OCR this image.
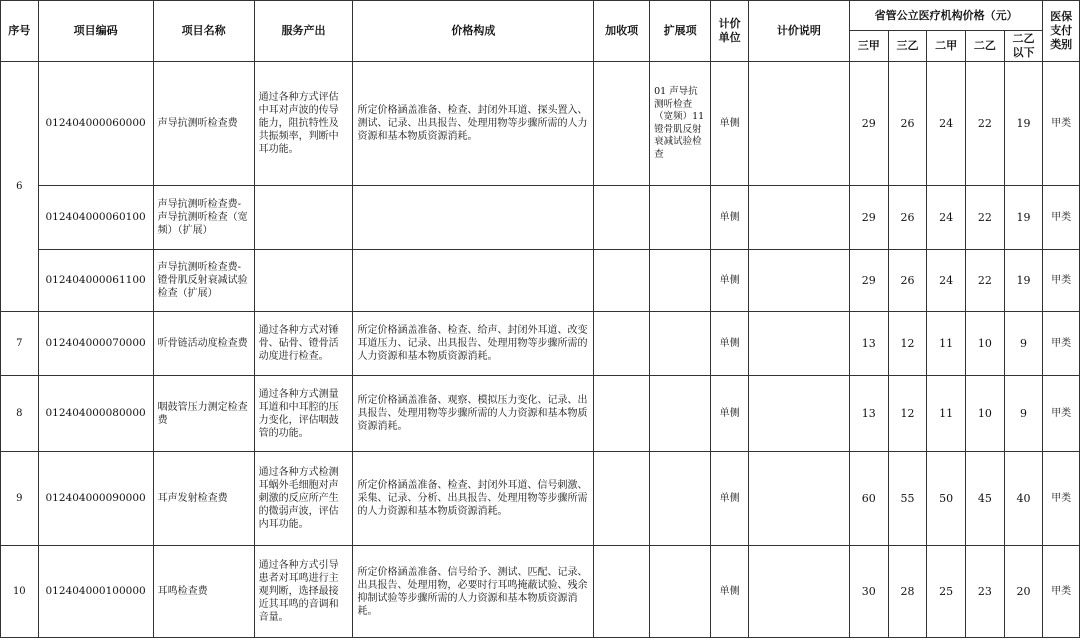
序号	项目编码	项目名称	服务产出	价格构成	加收项	扩展项	计价单位	计价说明	省管公立医疗机构价格（元）					医保支付类别
									三甲	三乙	二甲	二乙	二乙以下	
6	012404000060000	声导抗测听检查费	通过各种方式评估中耳对声波的传导能力，阻抗特性及共振频率，判断中耳功能。	所定价格涵盖准备、检查、封闭外耳道、探头置入、测试、记录、出具报告、处理用物等步骤所需的人力资源和基本物质资源消耗。		01 声导抗测听检查（宽频）11 镫骨肌反射衰减试验检查	单侧		29	26	24	22	19	甲类
	012404000060100	声导抗测听检查费-声导抗测听检查（宽频）（扩展）					单侧		29	26	24	22	19	甲类
	012404000061100	声导抗测听检查费-镫骨肌反射衰减试验检查（扩展）					单侧		29	26	24	22	19	甲类
7	012404000070000	听骨链活动度检查费	通过各种方式对锤骨、砧骨、镫骨活动度进行检查。	所定价格涵盖准备、检查、给声、封闭外耳道、改变耳道压力、记录、出具报告、处理用物等步骤所需的人力资源和基本物质资源消耗。			单侧		13	12	11	10	9	甲类
8	012404000080000	咽鼓管压力测定检查费	通过各种方式测量耳道和中耳腔的压力变化，评估咽鼓管的功能。	所定价格涵盖准备、观察、模拟压力变化、记录、出具报告、处理用物等步骤所需的人力资源和基本物质资源消耗。			单侧		13	12	11	10	9	甲类
9	012404000090000	耳声发射检查费	通过各种方式检测耳蜗外毛细胞对声刺激的反应所产生的微弱声波，评估内耳功能。	所定价格涵盖准备、检查、封闭外耳道、信号刺激、采集、记录、分析、出具报告、处理用物等步骤所需的人力资源和基本物质资源消耗。			单侧		60	55	50	45	40	甲类
10	012404000100000	耳鸣检查费	通过各种方式引导患者对耳鸣进行主观判断，选择最接近其耳鸣的音调和音量。	所定价格涵盖准备、信号给予、测试、匹配、记录、出具报告、处理用物，必要时行耳鸣掩蔽试验、残余抑制试验等步骤所需的人力资源和基本物质资源消耗。			单侧		30	28	25	23	20	甲类
